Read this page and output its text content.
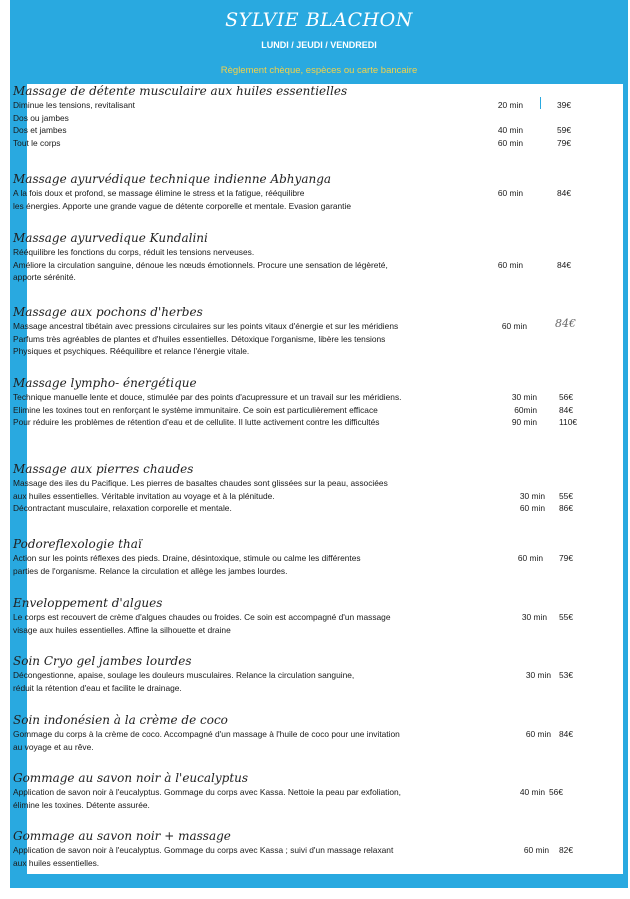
SYLVIE BLACHON
LUNDI / JEUDI / VENDREDI
Règlement chèque, espèces ou carte bancaire
Massage de détente musculaire aux huiles essentielles
Diminue les tensions, revitalisant	20 min	39€
Dos ou jambes
Dos et jambes	40 min	59€
Tout le corps	60 min	79€
Massage ayurvédique technique indienne Abhyanga
A la fois doux et profond, se massage élimine le stress et la fatigue, rééquilibre	60 min	84€
les énergies. Apporte une grande vague de détente corporelle et mentale. Evasion garantie
Massage ayurvedique Kundalini
Rééquilibre les fonctions du corps, réduit les tensions nerveuses.
Améliore la circulation sanguine, dénoue les nœuds émotionnels. Procure une sensation de légèreté,	60 min	84€
apporte sérénité.
Massage aux pochons d'herbes
Massage ancestral tibétain avec pressions circulaires sur les points vitaux d'énergie et sur les méridiens	60 min	84€
Parfums très agréables de plantes et d'huiles essentielles. Détoxique l'organisme, libère les tensions
Physiques et psychiques. Rééquilibre et relance l'énergie vitale.
Massage lympho- énergétique
Technique manuelle lente et douce, stimulée par des points d'acupressure et un travail sur les méridiens.	30 min	56€
Elimine les toxines tout en renforçant le système immunitaire. Ce soin est particulièrement efficace	60min	84€
Pour réduire les problèmes de rétention d'eau et de cellulite. Il lutte activement contre les difficultés	90 min	110€
Massage aux pierres chaudes
Massage des iles du Pacifique. Les pierres de basaltes chaudes sont glissées sur la peau, associées
aux huiles essentielles. Véritable invitation au voyage et à la plénitude.	30 min 55€
Décontractant musculaire, relaxation corporelle et mentale.	60 min 86€
Podoreflexologie thaï
Action sur les points réflexes des pieds. Draine, désintoxique, stimule ou calme les différentes	60 min 79€
parties de l'organisme. Relance la circulation et allège les jambes lourdes.
Enveloppement d'algues
Le corps est recouvert de crème d'algues chaudes ou froides. Ce soin est accompagné d'un massage	30 min 55€
visage aux huiles essentielles. Affine la silhouette et draine
Soin Cryo gel jambes lourdes
Décongestionne, apaise, soulage les douleurs musculaires. Relance la circulation sanguine,	30 min 53€
réduit la rétention d'eau et facilite le drainage.
Soin indonésien à la crème de coco
Gommage du corps à la crème de coco. Accompagné d'un massage à l'huile de coco pour une invitation	60 min 84€
au voyage et au rêve.
Gommage au savon noir à l'eucalyptus
Application de savon noir à l'eucalyptus. Gommage du corps avec Kassa. Nettoie la peau par exfoliation,	40 min 56€
élimine les toxines. Détente assurée.
Gommage au savon noir + massage
Application de savon noir à l'eucalyptus. Gommage du corps avec Kassa ; suivi d'un massage relaxant	60 min 82€
aux huiles essentielles.
